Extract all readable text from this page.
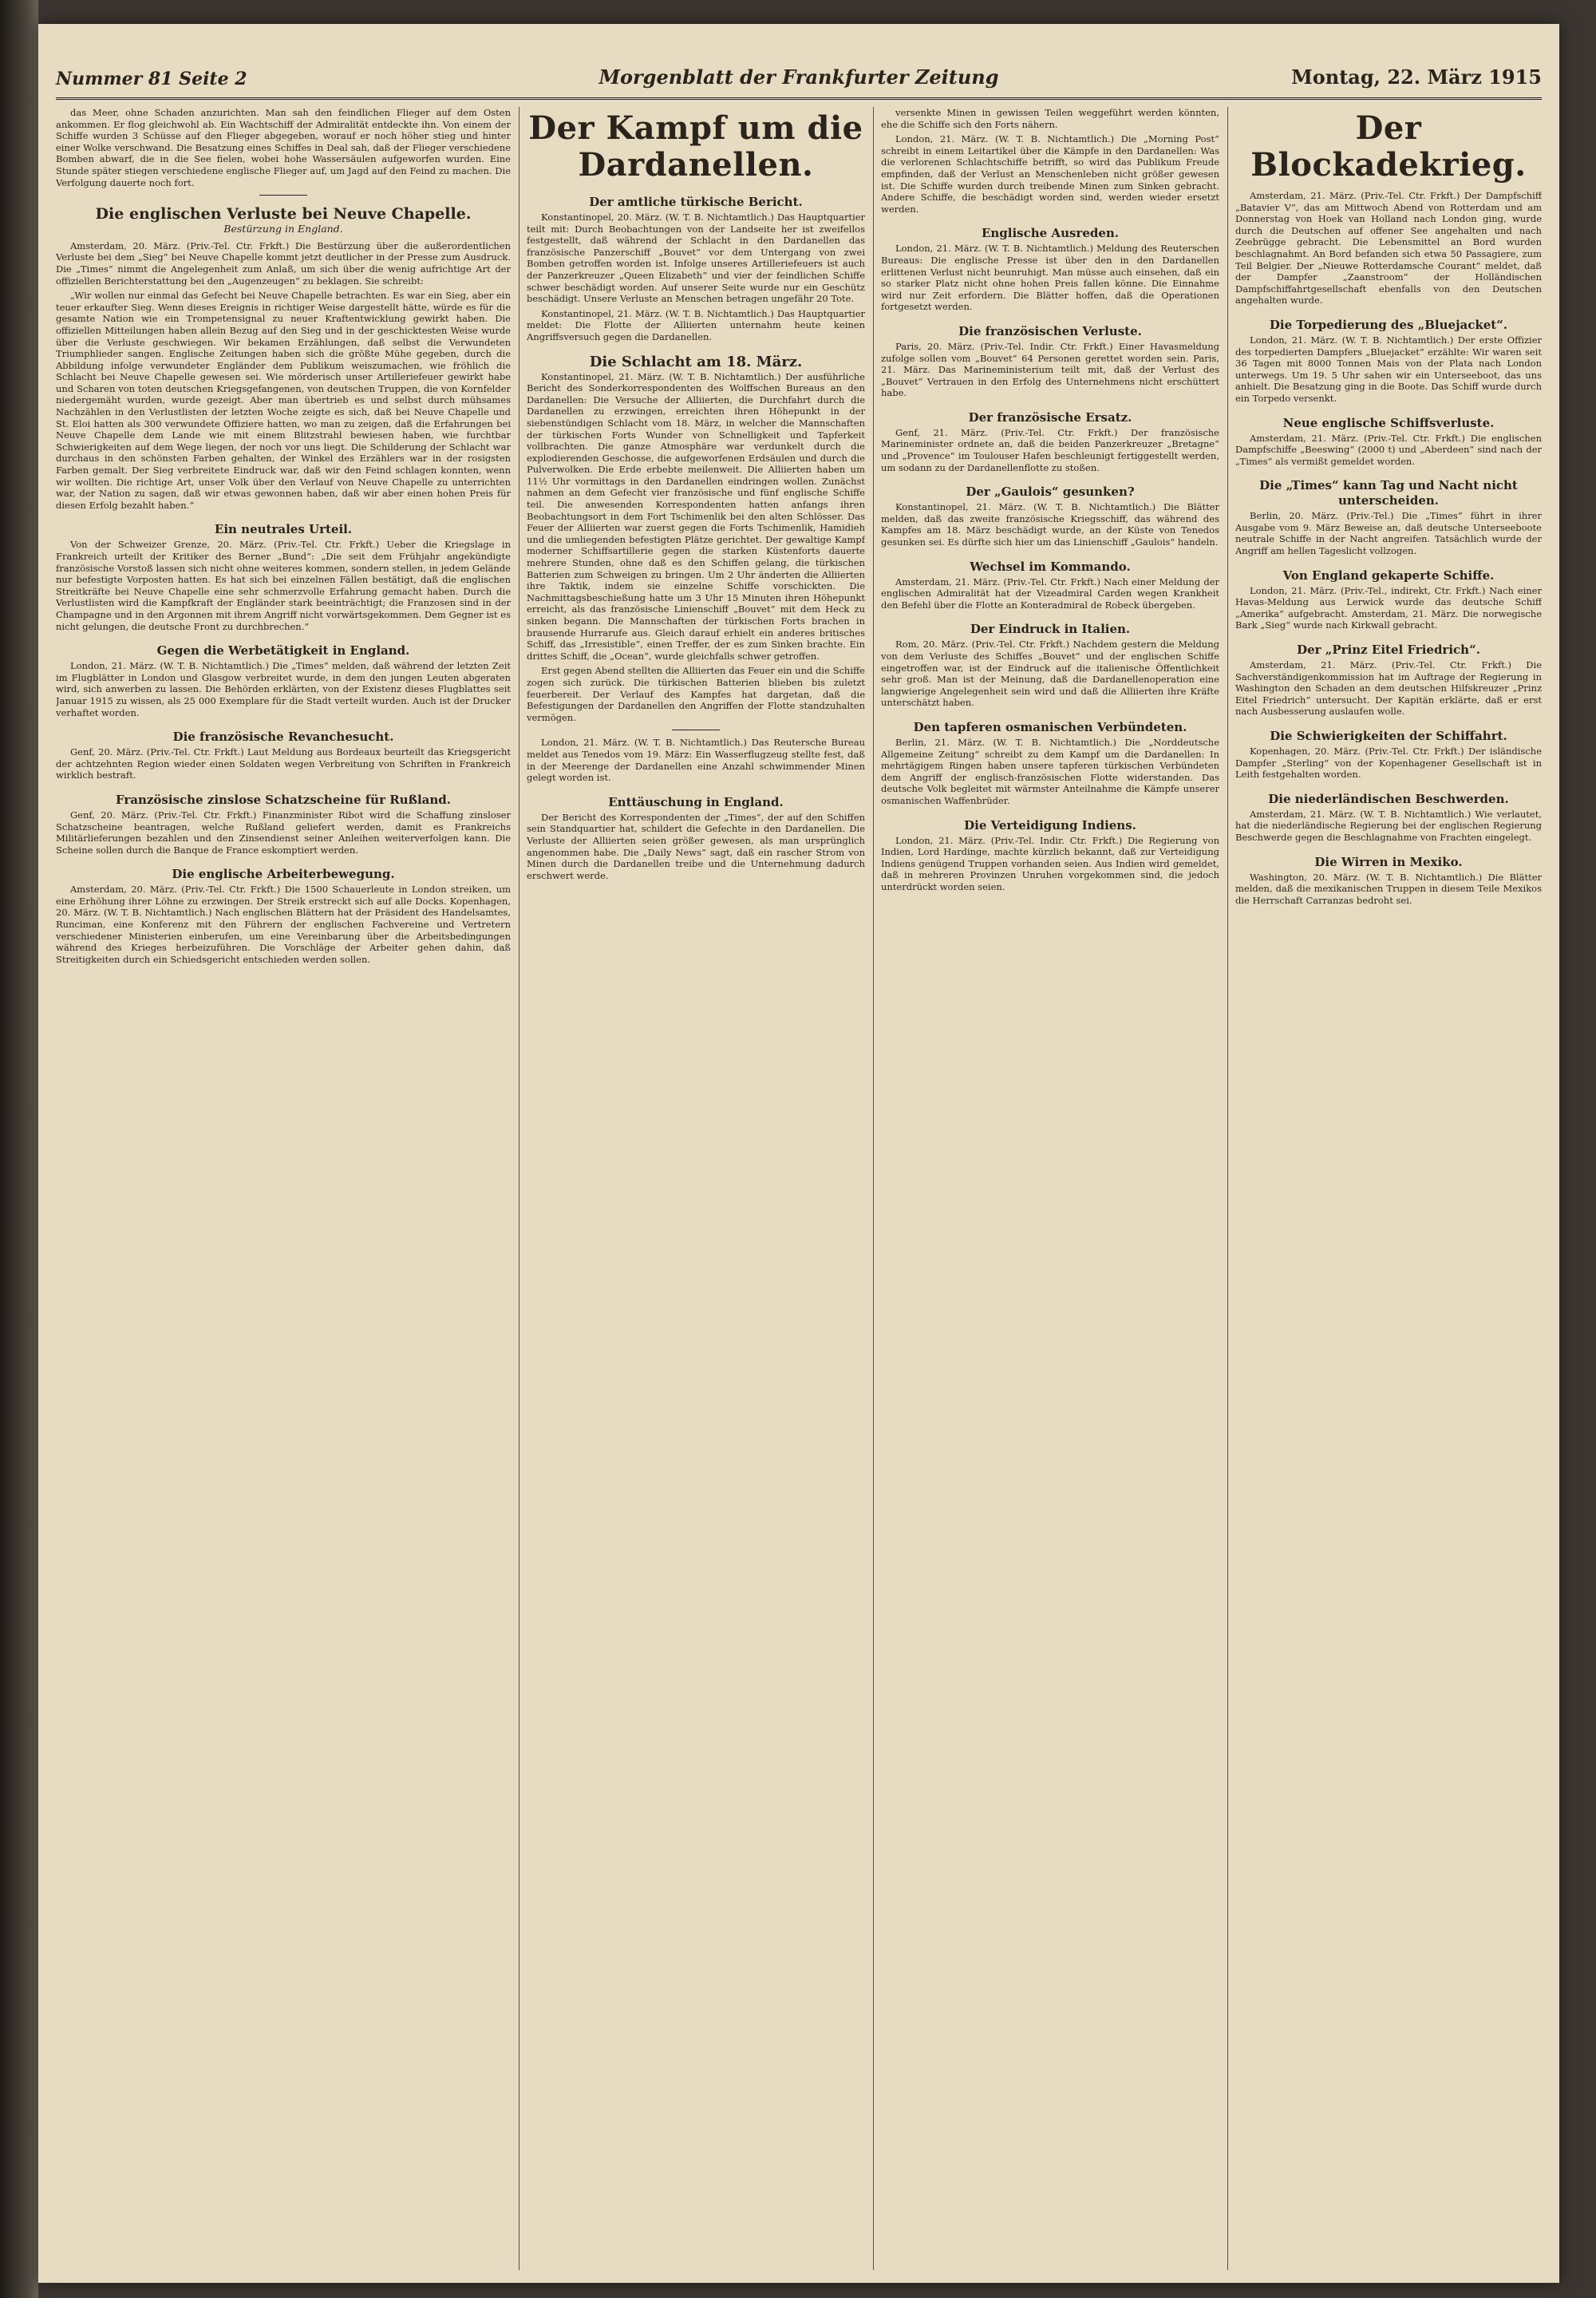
Nummer 81 Seite 2	Morgenblatt der Frankfurter Zeitung	Montag, 22. März 1915
das Meer, ohne Schaden anzurichten. Man sah den feindlichen Flieger auf dem Osten ankommen. Er flog gleichwohl ab. Ein Wachtschiff der Admiralität entdeckte ihn. Von einem der Schiffe wurden 3 Schüsse auf den Flieger abgegeben, worauf er noch höher stieg und hinter einer Wolke verschwand. Die Besatzung eines Schiffes in Deal sah, daß der Flieger verschiedene Bomben abwarf, die in die See fielen, wobei hohe Wassersäulen aufgeworfen wurden. Eine Stunde später stiegen verschiedene englische Flieger auf, um Jagd auf den Feind zu machen. Die Verfolgung dauerte noch fort.
Die englischen Verluste bei Neuve Chapelle.
Bestürzung in England.
Amsterdam, 20. März. (Priv.-Tel. Ctr. Frkft.) Die Bestürzung über die außerordentlichen Verluste bei dem „Sieg“ bei Neuve Chapelle kommt jetzt deutlicher in der Presse zum Ausdruck. Die „Times“ nimmt die Angelegenheit zum Anlaß, um sich über die wenig aufrichtige Art der offiziellen Berichterstattung bei den „Augenzeugen“ zu beklagen. Sie schreibt:
„Wir wollen nur einmal das Gefecht bei Neuve Chapelle betrachten. Es war ein Sieg, aber ein teuer erkaufter Sieg. Wenn dieses Ereignis in richtiger Weise dargestellt hätte, würde es für die gesamte Nation wie ein Trompetensignal zu neuer Kraftentwicklung gewirkt haben. Die offiziellen Mitteilungen haben allein Bezug auf den Sieg und in der geschicktesten Weise wurde über die Verluste geschwiegen. Wir bekamen Erzählungen, daß selbst die Verwundeten Triumphlieder sangen. Englische Zeitungen haben sich die größte Mühe gegeben, durch die Abbildung infolge verwundeter Engländer dem Publikum weiszumachen, wie fröhlich die Schlacht bei Neuve Chapelle gewesen sei. Wie mörderisch unser Artilleriefeuer gewirkt habe und Scharen von toten deutschen Kriegsgefangenen, von deutschen Truppen, die von Kornfelder niedergemäht wurden, wurde gezeigt. Aber man übertrieb es und selbst durch mühsames Nachzählen in den Verlustlisten der letzten Woche zeigte es sich, daß bei Neuve Chapelle und St. Eloi hatten als 300 verwundete Offiziere hatten, wo man zu zeigen, daß die Erfahrungen bei Neuve Chapelle dem Lande wie mit einem Blitzstrahl bewiesen haben, wie furchtbar Schwierigkeiten auf dem Wege liegen, der noch vor uns liegt. Die Schilderung der Schlacht war durchaus in den schönsten Farben gehalten, der Winkel des Erzählers war in der rosigsten Farben gemalt. Der Sieg verbreitete Eindruck war, daß wir den Feind schlagen konnten, wenn wir wollten. Die richtige Art, unser Volk über den Verlauf von Neuve Chapelle zu unterrichten war, der Nation zu sagen, daß wir etwas gewonnen haben, daß wir aber einen hohen Preis für diesen Erfolg bezahlt haben.“
Ein neutrales Urteil.
Von der Schweizer Grenze, 20. März. (Priv.-Tel. Ctr. Frkft.) Ueber die Kriegslage in Frankreich urteilt der Kritiker des Berner „Bund“: „Die seit dem Frühjahr angekündigte französische Vorstoß lassen sich nicht ohne weiteres kommen, sondern stellen, in jedem Gelände nur befestigte Vorposten hatten. Es hat sich bei einzelnen Fällen bestätigt, daß die englischen Streitkräfte bei Neuve Chapelle eine sehr schmerzvolle Erfahrung gemacht haben. Durch die Verlustlisten wird die Kampfkraft der Engländer stark beeinträchtigt; die Franzosen sind in der Champagne und in den Argonnen mit ihrem Angriff nicht vorwärtsgekommen. Dem Gegner ist es nicht gelungen, die deutsche Front zu durchbrechen.“
Gegen die Werbetätigkeit in England.
London, 21. März. (W. T. B. Nichtamtlich.) Die „Times“ melden, daß während der letzten Zeit im Flugblätter in London und Glasgow verbreitet wurde, in dem den jungen Leuten abgeraten wird, sich anwerben zu lassen. Die Behörden erklärten, von der Existenz dieses Flugblattes seit Januar 1915 zu wissen, als 25 000 Exemplare für die Stadt verteilt wurden. Auch ist der Drucker verhaftet worden.
Die französische Revanchesucht.
Genf, 20. März. (Priv.-Tel. Ctr. Frkft.) Laut Meldung aus Bordeaux beurteilt das Kriegsgericht der achtzehnten Region wieder einen Soldaten wegen Verbreitung von Schriften in Frankreich wirklich bestraft.
Französische zinslose Schatzscheine für Rußland.
Genf, 20. März. (Priv.-Tel. Ctr. Frkft.) Finanzminister Ribot wird die Schaffung zinsloser Schatzscheine beantragen, welche Rußland geliefert werden, damit es Frankreichs Militärlieferungen bezahlen und den Zinsendienst seiner Anleihen weiterverfolgen kann. Die Scheine sollen durch die Banque de France eskomptiert werden.
Die englische Arbeiterbewegung.
Amsterdam, 20. März. (Priv.-Tel. Ctr. Frkft.) Die 1500 Schauerleute in London streiken, um eine Erhöhung ihrer Löhne zu erzwingen. Der Streik erstreckt sich auf alle Docks. Kopenhagen, 20. März. (W. T. B. Nichtamtlich.) Nach englischen Blättern hat der Präsident des Handelsamtes, Runciman, eine Konferenz mit den Führern der englischen Fachvereine und Vertretern verschiedener Ministerien einberufen, um eine Vereinbarung über die Arbeitsbedingungen während des Krieges herbeizuführen. Die Vorschläge der Arbeiter gehen dahin, daß Streitigkeiten durch ein Schiedsgericht entschieden werden sollen.
Der Kampf um die Dardanellen.
Der amtliche türkische Bericht.
Konstantinopel, 20. März. (W. T. B. Nichtamtlich.) Das Hauptquartier teilt mit: Durch Beobachtungen von der Landseite her ist zweifellos festgestellt, daß während der Schlacht in den Dardanellen das französische Panzerschiff „Bouvet“ vor dem Untergang von zwei Bomben getroffen worden ist. Infolge unseres Artilleriefeuers ist auch der Panzerkreuzer „Queen Elizabeth“ und vier der feindlichen Schiffe schwer beschädigt worden. Auf unserer Seite wurde nur ein Geschütz beschädigt. Unsere Verluste an Menschen betragen ungefähr 20 Tote.
Konstantinopel, 21. März. (W. T. B. Nichtamtlich.) Das Hauptquartier meldet: Die Flotte der Alliierten unternahm heute keinen Angriffsversuch gegen die Dardanellen.
Die Schlacht am 18. März.
Konstantinopel, 21. März. (W. T. B. Nichtamtlich.) Der ausführliche Bericht des Sonderkorrespondenten des Wolffschen Bureaus an den Dardanellen: Die Versuche der Alliierten, die Durchfahrt durch die Dardanellen zu erzwingen, erreichten ihren Höhepunkt in der siebenstündigen Schlacht vom 18. März, in welcher die Mannschaften der türkischen Forts Wunder von Schnelligkeit und Tapferkeit vollbrachten. Die ganze Atmosphäre war verdunkelt durch die explodierenden Geschosse, die aufgeworfenen Erdsäulen und durch die Pulverwolken. Die Erde erbebte meilenweit. Die Alliierten haben um 11½ Uhr vormittags in den Dardanellen eindringen wollen. Zunächst nahmen an dem Gefecht vier französische und fünf englische Schiffe teil. Die anwesenden Korrespondenten hatten anfangs ihren Beobachtungsort in dem Fort Tschimenlik bei den alten Schlösser. Das Feuer der Alliierten war zuerst gegen die Forts Tschimenlik, Hamidieh und die umliegenden befestigten Plätze gerichtet. Der gewaltige Kampf moderner Schiffsartillerie gegen die starken Küstenforts dauerte mehrere Stunden, ohne daß es den Schiffen gelang, die türkischen Batterien zum Schweigen zu bringen. Um 2 Uhr änderten die Alliierten ihre Taktik, indem sie einzelne Schiffe vorschickten. Die Nachmittagsbeschießung hatte um 3 Uhr 15 Minuten ihren Höhepunkt erreicht, als das französische Linienschiff „Bouvet“ mit dem Heck zu sinken begann. Die Mannschaften der türkischen Forts brachen in brausende Hurrarufe aus. Gleich darauf erhielt ein anderes britisches Schiff, das „Irresistible“, einen Treffer, der es zum Sinken brachte. Ein drittes Schiff, die „Ocean“, wurde gleichfalls schwer getroffen.
Erst gegen Abend stellten die Alliierten das Feuer ein und die Schiffe zogen sich zurück. Die türkischen Batterien blieben bis zuletzt feuerbereit. Der Verlauf des Kampfes hat dargetan, daß die Befestigungen der Dardanellen den Angriffen der Flotte standzuhalten vermögen.
London, 21. März. (W. T. B. Nichtamtlich.) Das Reutersche Bureau meldet aus Tenedos vom 19. März: Ein Wasserflugzeug stellte fest, daß in der Meerenge der Dardanellen eine Anzahl schwimmender Minen gelegt worden ist.
Enttäuschung in England.
Der Bericht des Korrespondenten der „Times“, der auf den Schiffen sein Standquartier hat, schildert die Gefechte in den Dardanellen. Die Verluste der Alliierten seien größer gewesen, als man ursprünglich angenommen habe. Die „Daily News“ sagt, daß ein rascher Strom von Minen durch die Dardanellen treibe und die Unternehmung dadurch erschwert werde.
versenkte Minen in gewissen Teilen weggeführt werden könnten, ehe die Schiffe sich den Forts nähern.
London, 21. März. (W. T. B. Nichtamtlich.) Die „Morning Post“ schreibt in einem Leitartikel über die Kämpfe in den Dardanellen: Was die verlorenen Schlachtschiffe betrifft, so wird das Publikum Freude empfinden, daß der Verlust an Menschenleben nicht größer gewesen ist. Die Schiffe wurden durch treibende Minen zum Sinken gebracht. Andere Schiffe, die beschädigt worden sind, werden wieder ersetzt werden.
Englische Ausreden.
London, 21. März. (W. T. B. Nichtamtlich.) Meldung des Reuterschen Bureaus: Die englische Presse ist über den in den Dardanellen erlittenen Verlust nicht beunruhigt. Man müsse auch einsehen, daß ein so starker Platz nicht ohne hohen Preis fallen könne. Die Einnahme wird nur Zeit erfordern. Die Blätter hoffen, daß die Operationen fortgesetzt werden.
Die französischen Verluste.
Paris, 20. März. (Priv.-Tel. Indir. Ctr. Frkft.) Einer Havasmeldung zufolge sollen vom „Bouvet“ 64 Personen gerettet worden sein. Paris, 21. März. Das Marineministerium teilt mit, daß der Verlust des „Bouvet“ Vertrauen in den Erfolg des Unternehmens nicht erschüttert habe.
Der französische Ersatz.
Genf, 21. März. (Priv.-Tel. Ctr. Frkft.) Der französische Marineminister ordnete an, daß die beiden Panzerkreuzer „Bretagne“ und „Provence“ im Toulouser Hafen beschleunigt fertiggestellt werden, um sodann zu der Dardanellenflotte zu stoßen.
Der „Gaulois“ gesunken?
Konstantinopel, 21. März. (W. T. B. Nichtamtlich.) Die Blätter melden, daß das zweite französische Kriegsschiff, das während des Kampfes am 18. März beschädigt wurde, an der Küste von Tenedos gesunken sei. Es dürfte sich hier um das Linienschiff „Gaulois“ handeln.
Wechsel im Kommando.
Amsterdam, 21. März. (Priv.-Tel. Ctr. Frkft.) Nach einer Meldung der englischen Admiralität hat der Vizeadmiral Carden wegen Krankheit den Befehl über die Flotte an Konteradmiral de Robeck übergeben.
Der Eindruck in Italien.
Rom, 20. März. (Priv.-Tel. Ctr. Frkft.) Nachdem gestern die Meldung von dem Verluste des Schiffes „Bouvet“ und der englischen Schiffe eingetroffen war, ist der Eindruck auf die italienische Öffentlichkeit sehr groß. Man ist der Meinung, daß die Dardanellenoperation eine langwierige Angelegenheit sein wird und daß die Alliierten ihre Kräfte unterschätzt haben.
Den tapferen osmanischen Verbündeten.
Berlin, 21. März. (W. T. B. Nichtamtlich.) Die „Norddeutsche Allgemeine Zeitung“ schreibt zu dem Kampf um die Dardanellen: In mehrtägigem Ringen haben unsere tapferen türkischen Verbündeten dem Angriff der englisch-französischen Flotte widerstanden. Das deutsche Volk begleitet mit wärmster Anteilnahme die Kämpfe unserer osmanischen Waffenbrüder.
Die Verteidigung Indiens.
London, 21. März. (Priv.-Tel. Indir. Ctr. Frkft.) Die Regierung von Indien, Lord Hardinge, machte kürzlich bekannt, daß zur Verteidigung Indiens genügend Truppen vorhanden seien. Aus Indien wird gemeldet, daß in mehreren Provinzen Unruhen vorgekommen sind, die jedoch unterdrückt worden seien.
Der Blockadekrieg.
Amsterdam, 21. März. (Priv.-Tel. Ctr. Frkft.) Der Dampfschiff „Batavier V“, das am Mittwoch Abend von Rotterdam und am Donnerstag von Hoek van Holland nach London ging, wurde durch die Deutschen auf offener See angehalten und nach Zeebrügge gebracht. Die Lebensmittel an Bord wurden beschlagnahmt. An Bord befanden sich etwa 50 Passagiere, zum Teil Belgier. Der „Nieuwe Rotterdamsche Courant“ meldet, daß der Dampfer „Zaanstroom“ der Holländischen Dampfschiffahrtgesellschaft ebenfalls von den Deutschen angehalten wurde.
Die Torpedierung des „Bluejacket“.
London, 21. März. (W. T. B. Nichtamtlich.) Der erste Offizier des torpedierten Dampfers „Bluejacket“ erzählte: Wir waren seit 36 Tagen mit 8000 Tonnen Mais von der Plata nach London unterwegs. Um 19. 5 Uhr sahen wir ein Unterseeboot, das uns anhielt. Die Besatzung ging in die Boote. Das Schiff wurde durch ein Torpedo versenkt.
Neue englische Schiffsverluste.
Amsterdam, 21. März. (Priv.-Tel. Ctr. Frkft.) Die englischen Dampfschiffe „Beeswing“ (2000 t) und „Aberdeen“ sind nach der „Times“ als vermißt gemeldet worden.
Die „Times“ kann Tag und Nacht nicht unterscheiden.
Berlin, 20. März. (Priv.-Tel.) Die „Times“ führt in ihrer Ausgabe vom 9. März Beweise an, daß deutsche Unterseeboote neutrale Schiffe in der Nacht angreifen. Tatsächlich wurde der Angriff am hellen Tageslicht vollzogen.
Von England gekaperte Schiffe.
London, 21. März. (Priv.-Tel., indirekt, Ctr. Frkft.) Nach einer Havas-Meldung aus Lerwick wurde das deutsche Schiff „Amerika“ aufgebracht. Amsterdam, 21. März. Die norwegische Bark „Sieg“ wurde nach Kirkwall gebracht.
Der „Prinz Eitel Friedrich“.
Amsterdam, 21. März. (Priv.-Tel. Ctr. Frkft.) Die Sachverständigenkommission hat im Auftrage der Regierung in Washington den Schaden an dem deutschen Hilfskreuzer „Prinz Eitel Friedrich“ untersucht. Der Kapitän erklärte, daß er erst nach Ausbesserung auslaufen wolle.
Die Schwierigkeiten der Schiffahrt.
Kopenhagen, 20. März. (Priv.-Tel. Ctr. Frkft.) Der isländische Dampfer „Sterling“ von der Kopenhagener Gesellschaft ist in Leith festgehalten worden.
Die niederländischen Beschwerden.
Amsterdam, 21. März. (W. T. B. Nichtamtlich.) Wie verlautet, hat die niederländische Regierung bei der englischen Regierung Beschwerde gegen die Beschlagnahme von Frachten eingelegt.
Die Wirren in Mexiko.
Washington, 20. März. (W. T. B. Nichtamtlich.) Die Blätter melden, daß die mexikanischen Truppen in diesem Teile Mexikos die Herrschaft Carranzas bedroht sei.
